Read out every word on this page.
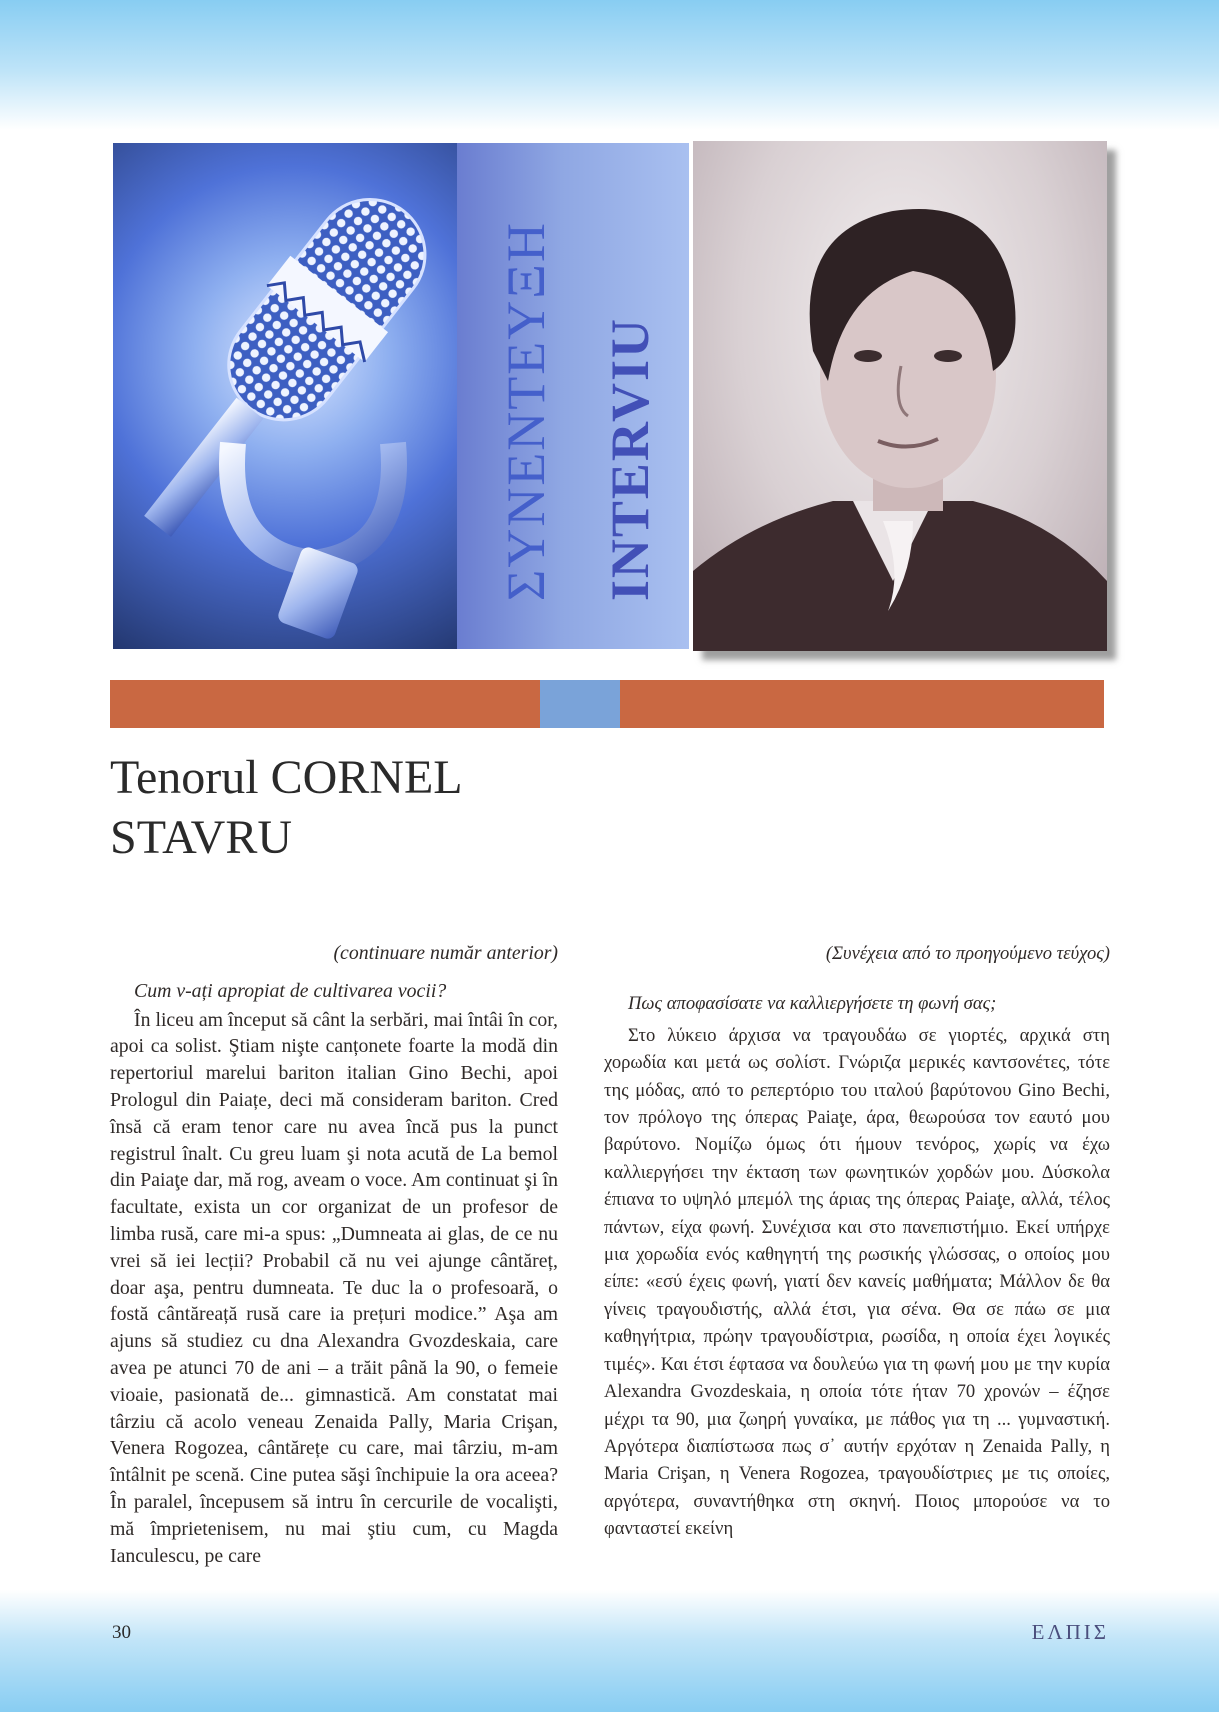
ΣΥΝΕΝΤΕΥΞΗ INTERVIU
Tenorul CORNEL
STAVRU

(continuare număr anterior)

Cum v-ați apropiat de cultivarea vocii?

În liceu am început să cânt la serbări, mai întâi în cor, apoi ca solist. Ştiam nişte canțonete foarte la modă din repertoriul marelui bariton italian Gino Bechi, apoi Prologul din Paiațe, deci mă consideram bariton. Cred însă că eram tenor care nu avea încă pus la punct registrul înalt. Cu greu luam şi nota acută de La bemol din Paiaţe dar, mă rog, aveam o voce. Am continuat şi în facultate, exista un cor organizat de un profesor de limba rusă, care mi-a spus: „Dumneata ai glas, de ce nu vrei să iei lecții? Probabil că nu vei ajunge cântăreț, doar aşa, pentru dumneata. Te duc la o profesoară, o fostă cântăreață rusă care ia prețuri modice.” Aşa am ajuns să studiez cu dna Alexandra Gvozdeskaia, care avea pe atunci 70 de ani – a trăit până la 90, o femeie vioaie, pasionată de... gimnastică. Am constatat mai târziu că acolo veneau Zenaida Pally, Maria Crişan, Venera Rogozea, cântărețe cu care, mai târziu, m-am întâlnit pe scenă. Cine putea săşi închipuie la ora aceea? În paralel, începusem să intru în cercurile de vocalişti, mă împrietenisem, nu mai ştiu cum, cu Magda Ianculescu, pe care

(Συνέχεια από το προηγούμενο τεύχος)

Πως αποφασίσατε να καλλιεργήσετε τη φωνή σας;

Στο λύκειο άρχισα να τραγουδάω σε γιορτές, αρχικά στη χορωδία και μετά ως σολίστ. Γνώριζα μερικές καντσονέτες, τότε της μόδας, από το ρεπερτόριο του ιταλού βαρύτονου Gino Bechi, τον πρόλογο της όπερας Paiaţe, άρα, θεωρούσα τον εαυτό μου βαρύτονο. Νομίζω όμως ότι ήμουν τενόρος, χωρίς να έχω καλλιεργήσει την έκταση των φωνητικών χορδών μου. Δύσκολα έπιανα το υψηλό μπεμόλ της άριας της όπερας Paiaţe, αλλά, τέλος πάντων, είχα φωνή. Συνέχισα και στο πανεπιστήμιο. Εκεί υπήρχε μια χορωδία ενός καθηγητή της ρωσικής γλώσσας, ο οποίος μου είπε: «εσύ έχεις φωνή, γιατί δεν κανείς μαθήματα; Μάλλον δε θα γίνεις τραγουδιστής, αλλά έτσι, για σένα. Θα σε πάω σε μια καθηγήτρια, πρώην τραγουδίστρια, ρωσίδα, η οποία έχει λογικές τιμές». Και έτσι έφτασα να δουλεύω για τη φωνή μου με την κυρία Alexandra Gvozdeskaia, η οποία τότε ήταν 70 χρονών – έζησε μέχρι τα 90, μια ζωηρή γυναίκα, με πάθος για τη ... γυμναστική. Αργότερα διαπίστωσα πως σ᾽ αυτήν ερχόταν η Zenaida Pally, η Maria Crişan, η Venera Rogozea, τραγουδίστριες με τις οποίες, αργότερα, συναντήθηκα στη σκηνή. Ποιος μπορούσε να το φανταστεί εκείνη

30	ΕΛΠΙΣ
